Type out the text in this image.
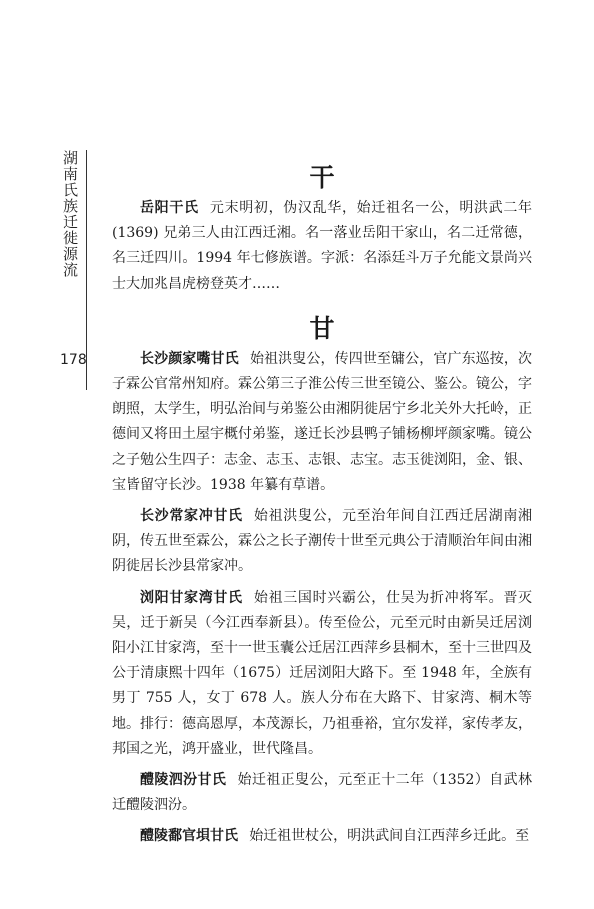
湖南氏族迁徙源流
178
干

岳阳干氏 元末明初，伪汉乱华，始迁祖名一公，明洪武二年(1369) 兄弟三人由江西迁湘。名一落业岳阳干家山，名二迁常德，名三迁四川。1994 年七修族谱。字派：名添廷斗万子允能文景尚兴士大加兆昌虎榜登英才……

甘

长沙颜家嘴甘氏 始祖洪叟公，传四世至镛公，官广东巡按，次子霖公官常州知府。霖公第三子淮公传三世至镜公、鉴公。镜公，字朗照，太学生，明弘治间与弟鉴公由湘阴徙居宁乡北关外大托岭，正德间又将田土屋宇概付弟鉴，遂迁长沙县鸭子铺杨柳坪颜家嘴。镜公之子勉公生四子：志金、志玉、志银、志宝。志玉徙浏阳，金、银、宝皆留守长沙。1938 年纂有草谱。

长沙常家冲甘氏 始祖洪叟公，元至治年间自江西迁居湖南湘阴，传五世至霖公，霖公之长子潮传十世至元典公于清顺治年间由湘阴徙居长沙县常家冲。

浏阳甘家湾甘氏 始祖三国时兴霸公，仕吴为折冲将军。晋灭吴，迁于新吴（今江西奉新县）。传至俭公，元至元时由新吴迁居浏阳小江甘家湾，至十一世玉囊公迁居江西萍乡县桐木，至十三世四及公于清康熙十四年（1675）迁居浏阳大路下。至 1948 年，全族有男丁 755 人，女丁 678 人。族人分布在大路下、甘家湾、桐木等地。排行：德高恩厚，本茂源长，乃祖垂裕，宜尔发祥，家传孝友，邦国之光，鸿开盛业，世代隆昌。

醴陵泗汾甘氏 始迁祖正叟公，元至正十二年（1352）自武林迁醴陵泗汾。

醴陵鄱官垻甘氏 始迁祖世杖公，明洪武间自江西萍乡迁此。至
